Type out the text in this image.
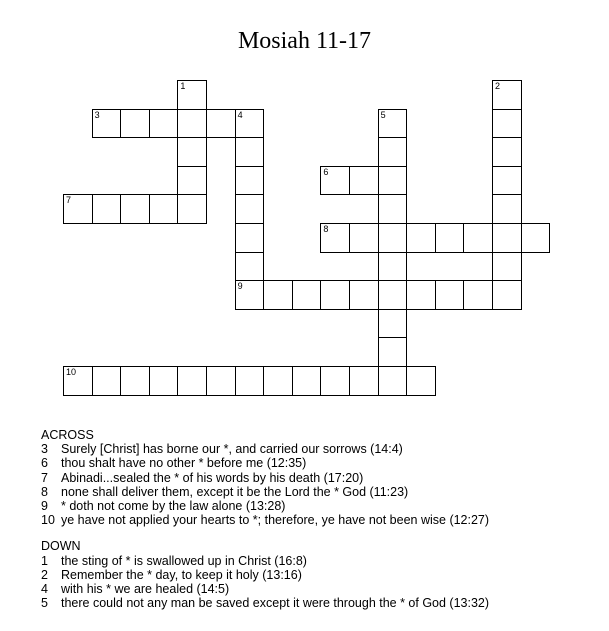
Mosiah 11-17
1	2
3	4
9
5
6
7
8
10
ACROSS
3	Surely [Christ] has borne our *, and carried our sorrows (14:4)
6	thou shalt have no other * before me (12:35)
7	Abinadi...sealed the * of his words by his death (17:20)
8	none shall deliver them, except it be the Lord the * God (11:23)
9	* doth not come by the law alone (13:28)
10 ye have not applied your hearts to *; therefore, ye have not been wise (12:27)
DOWN
1	the sting of * is swallowed up in Christ (16:8)
2	Remember the * day, to keep it holy (13:16)
4	with his * we are healed (14:5)
5	there could not any man be saved except it were through the * of God (13:32)
